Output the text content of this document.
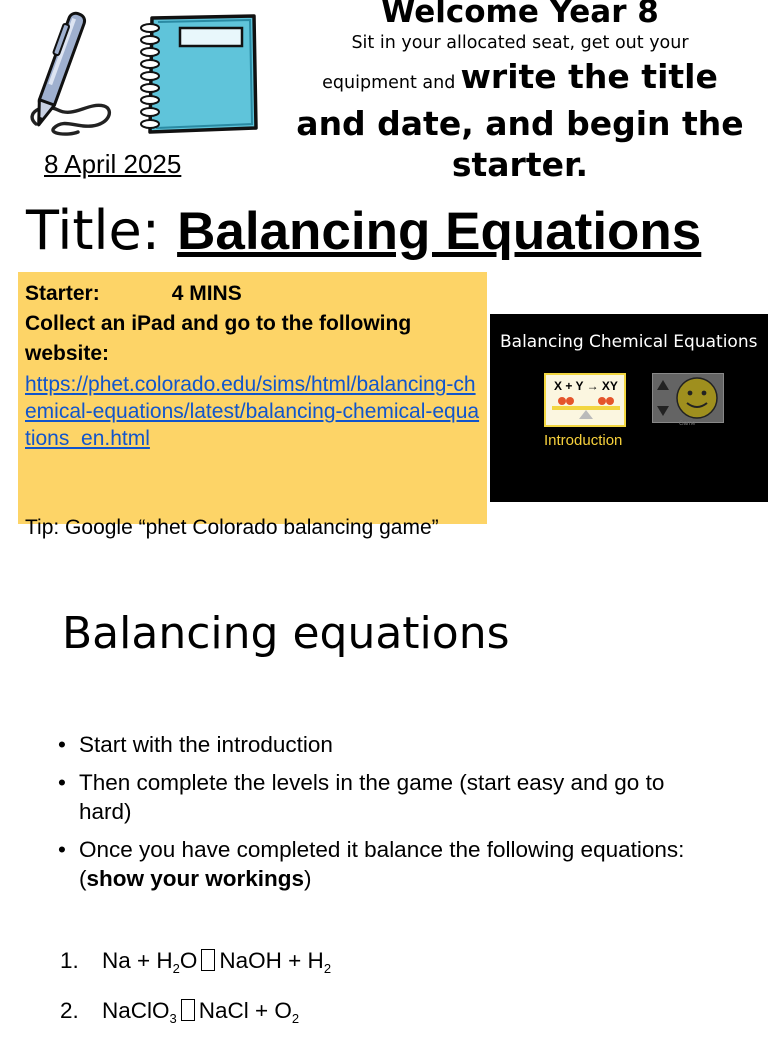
Welcome Year 8
Sit in your allocated seat, get out your
equipment and write the title
and date, and begin the starter.
8 April 2025
Title: Balancing Equations
Starter:	4 MINS
Collect an iPad and go to the following website:
https://phet.colorado.edu/sims/html/balancing-chemical-equations/latest/balancing-chemical-equations_en.html
Tip: Google “phet Colorado balancing game”
Balancing Chemical Equations
X + Y → XY
Introduction
Game
Balancing equations
• Start with the introduction
• Then complete the levels in the game (start easy and go to hard)
• Once you have completed it balance the following equations: (show your workings)
1. $Na + H_2O$ NaOH + $H_2$
2. NaClO$_3$ NaCl + $O_2$
